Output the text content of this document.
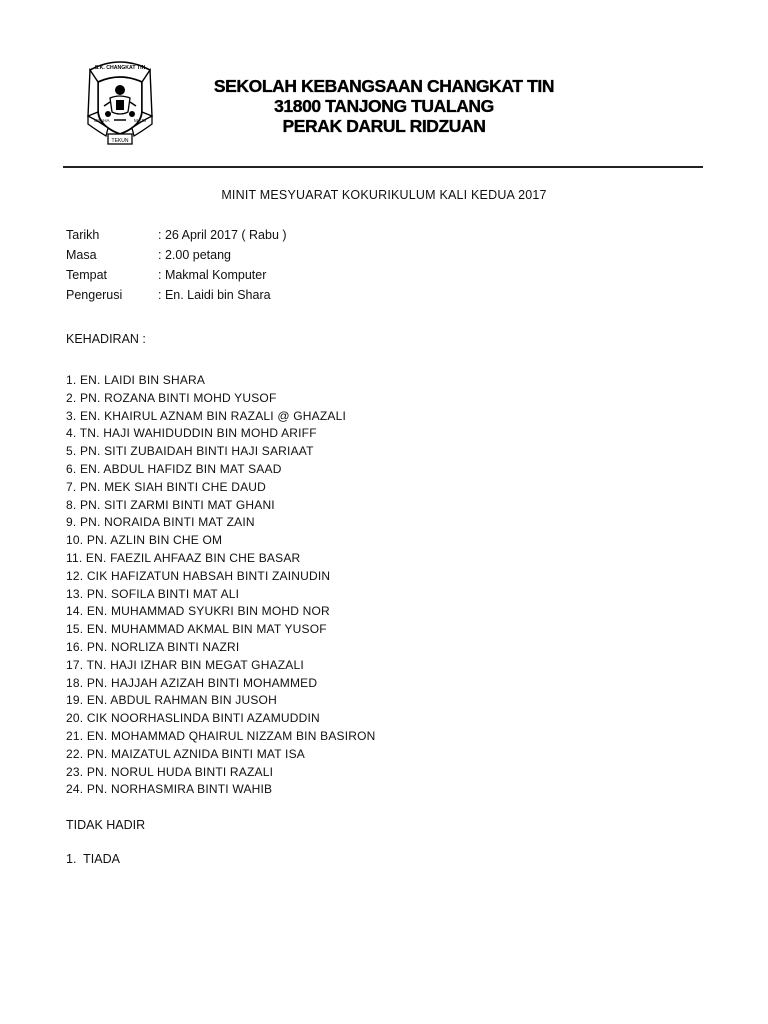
S.K. CHANGKAT TIN
USAHA	MAJU
TEKUN
SEKOLAH KEBANGSAAN CHANGKAT TIN
31800 TANJONG TUALANG
PERAK DARUL RIDZUAN
MINIT MESYUARAT KOKURIKULUM KALI KEDUA 2017
Tarikh	: 26 April 2017 ( Rabu )
Masa	: 2.00 petang
Tempat	: Makmal Komputer
Pengerusi	: En. Laidi bin Shara
KEHADIRAN :
1. EN. LAIDI BIN SHARA
2. PN. ROZANA BINTI MOHD YUSOF
3. EN. KHAIRUL AZNAM BIN RAZALI @ GHAZALI
4. TN. HAJI WAHIDUDDIN BIN MOHD ARIFF
5. PN. SITI ZUBAIDAH BINTI HAJI SARIAAT
6. EN. ABDUL HAFIDZ BIN MAT SAAD
7. PN. MEK SIAH BINTI CHE DAUD
8. PN. SITI ZARMI BINTI MAT GHANI
9. PN. NORAIDA BINTI MAT ZAIN
10. PN. AZLIN BIN CHE OM
11. EN. FAEZIL AHFAAZ BIN CHE BASAR
12. CIK HAFIZATUN HABSAH BINTI ZAINUDIN
13. PN. SOFILA BINTI MAT ALI
14. EN. MUHAMMAD SYUKRI BIN MOHD NOR
15. EN. MUHAMMAD AKMAL BIN MAT YUSOF
16. PN. NORLIZA BINTI NAZRI
17. TN. HAJI IZHAR BIN MEGAT GHAZALI
18. PN. HAJJAH AZIZAH BINTI MOHAMMED
19. EN. ABDUL RAHMAN BIN JUSOH
20. CIK NOORHASLINDA BINTI AZAMUDDIN
21. EN. MOHAMMAD QHAIRUL NIZZAM BIN BASIRON
22. PN. MAIZATUL AZNIDA BINTI MAT ISA
23. PN. NORUL HUDA BINTI RAZALI
24. PN. NORHASMIRA BINTI WAHIB
TIDAK HADIR
1.  TIADA
